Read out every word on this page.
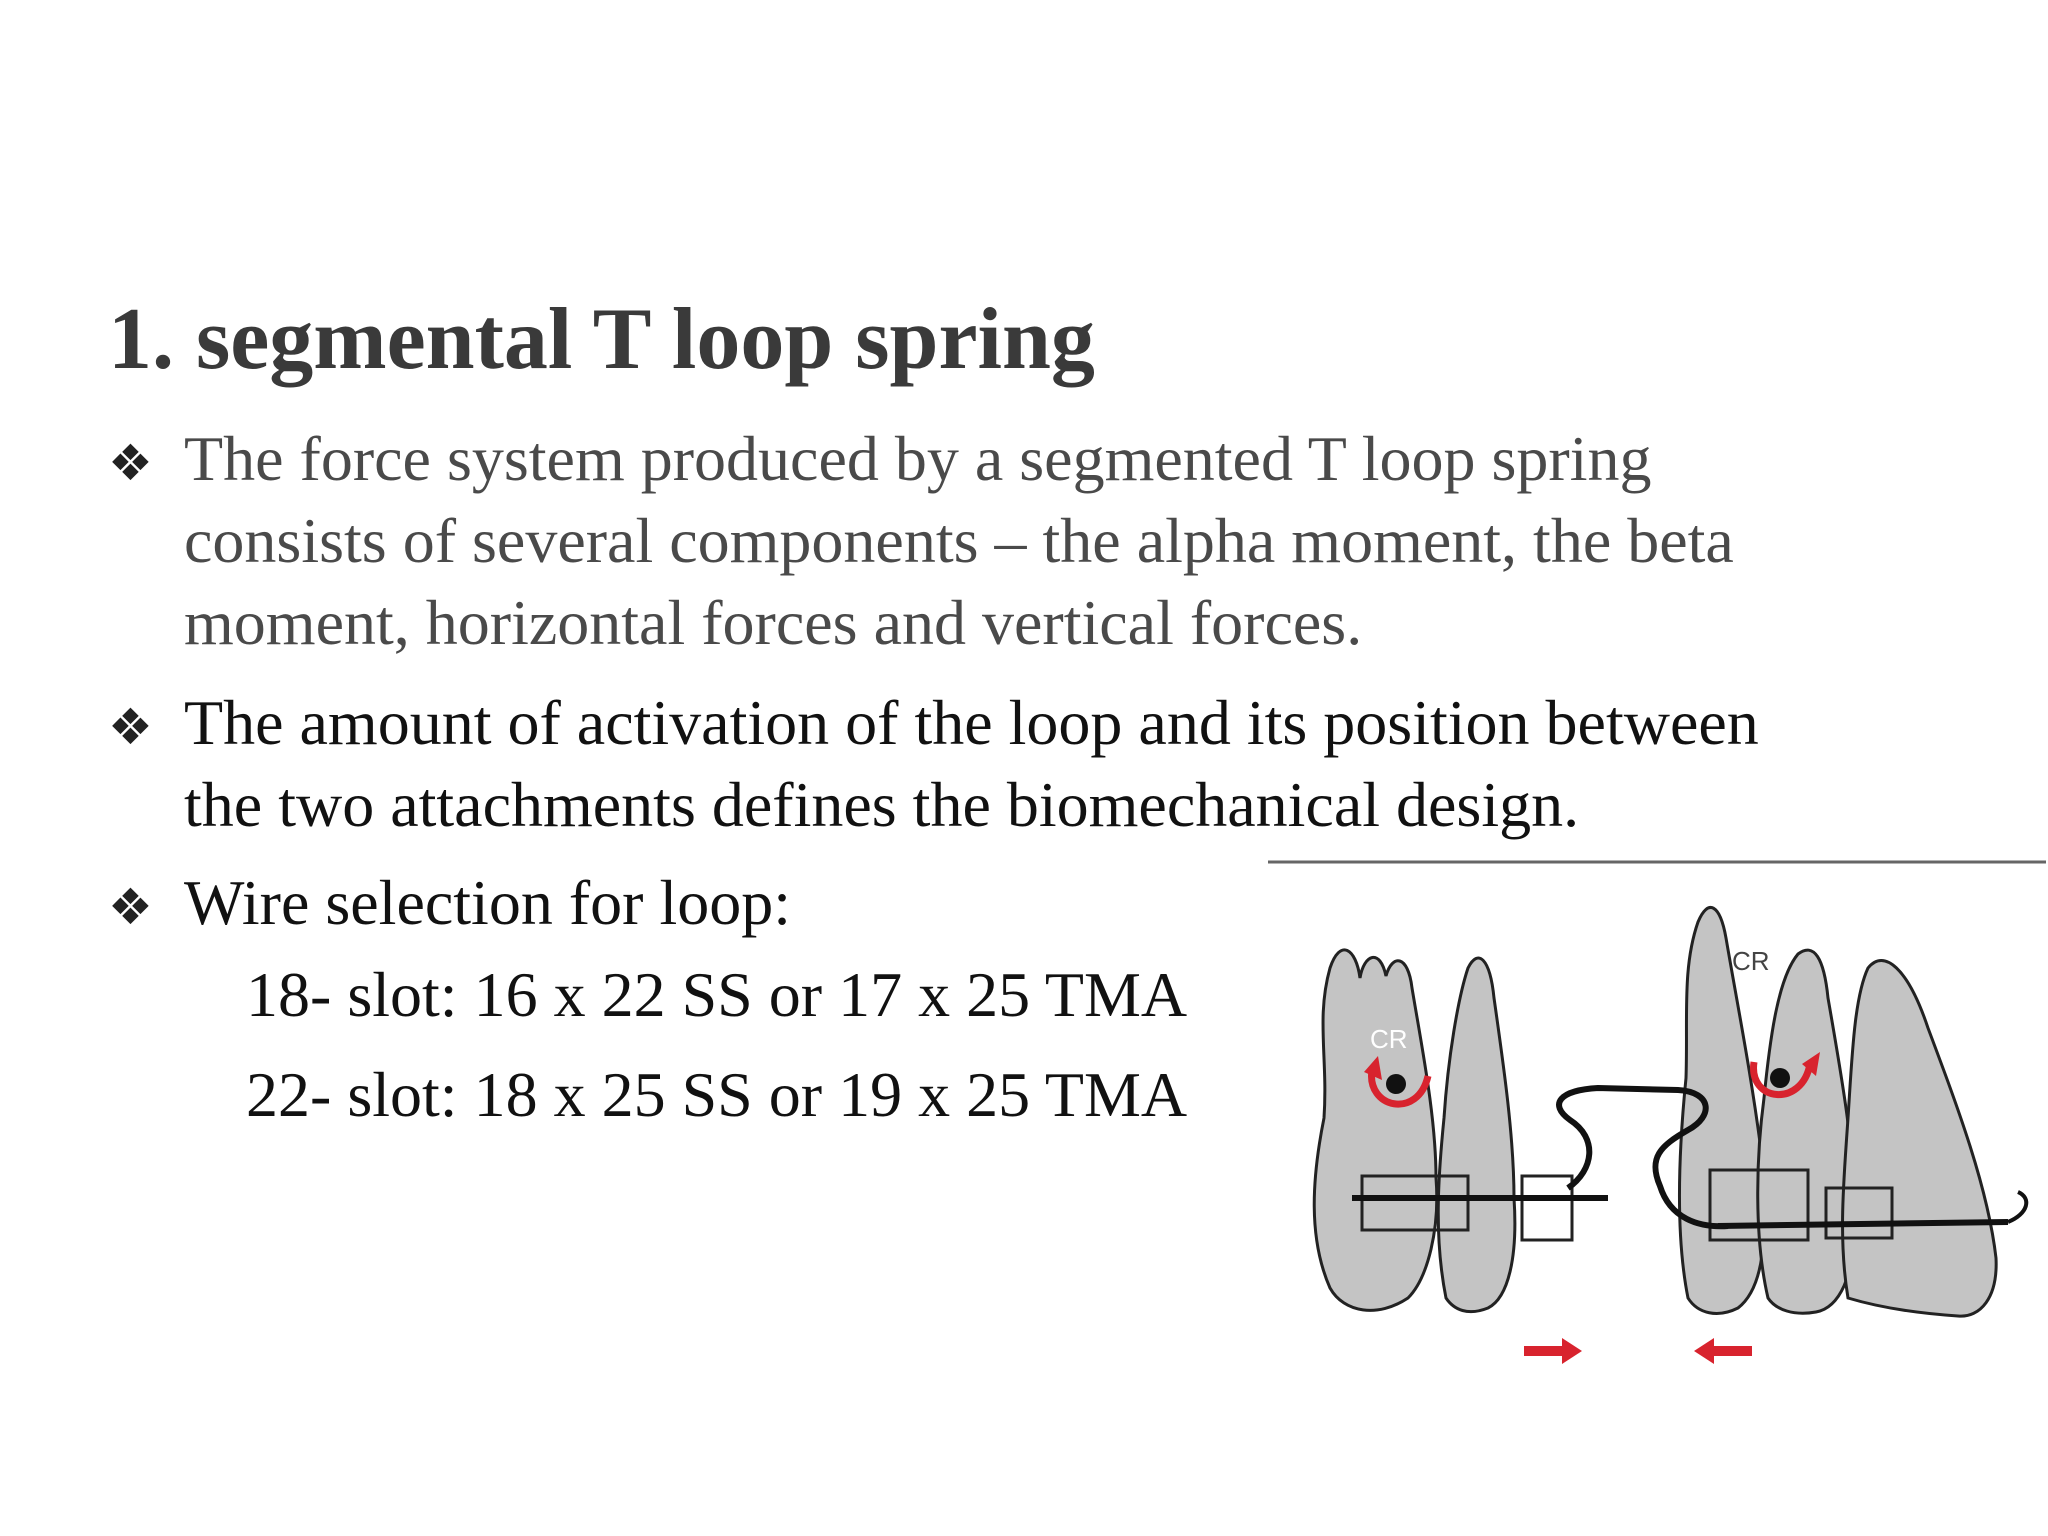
1. segmental T loop spring
❖ The force system produced by a segmented T loop spring
consists of several components – the alpha moment, the beta
moment, horizontal forces and vertical forces.
❖ The amount of activation of the loop and its position between
the two attachments defines the biomechanical design.
❖ Wire selection for loop:
18- slot: 16 x 22 SS or 17 x 25 TMA
22- slot: 18 x 25 SS or 19 x 25 TMA
CR
CR
